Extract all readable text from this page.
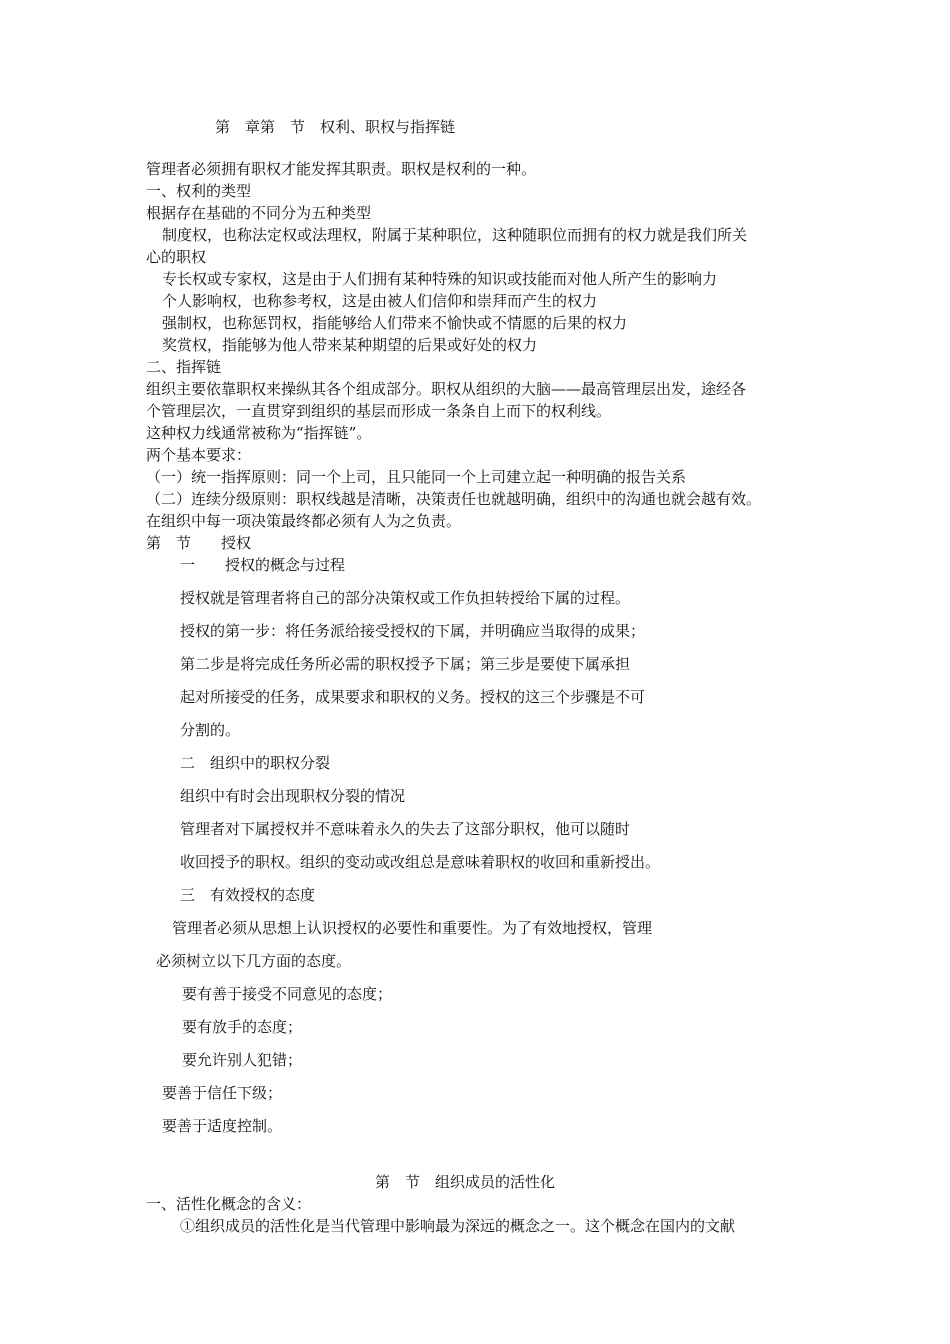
第　章第　节　权利、职权与指挥链
管理者必须拥有职权才能发挥其职责。职权是权利的一种。
一、权利的类型
根据存在基础的不同分为五种类型
制度权，也称法定权或法理权，附属于某种职位，这种随职位而拥有的权力就是我们所关
心的职权
专长权或专家权，这是由于人们拥有某种特殊的知识或技能而对他人所产生的影响力
个人影响权，也称参考权，这是由被人们信仰和崇拜而产生的权力
强制权，也称惩罚权，指能够给人们带来不愉快或不情愿的后果的权力
奖赏权，指能够为他人带来某种期望的后果或好处的权力
二、指挥链
组织主要依靠职权来操纵其各个组成部分。职权从组织的大脑——最高管理层出发，途经各
个管理层次，一直贯穿到组织的基层而形成一条条自上而下的权利线。
这种权力线通常被称为“指挥链”。
两个基本要求：
（一）统一指挥原则：同一个上司，且只能同一个上司建立起一种明确的报告关系
（二）连续分级原则：职权线越是清晰，决策责任也就越明确，组织中的沟通也就会越有效。
在组织中每一项决策最终都必须有人为之负责。
第　节　　授权
一　　授权的概念与过程
授权就是管理者将自己的部分决策权或工作负担转授给下属的过程。
授权的第一步：将任务派给接受授权的下属，并明确应当取得的成果；
第二步是将完成任务所必需的职权授予下属；第三步是要使下属承担
起对所接受的任务，成果要求和职权的义务。授权的这三个步骤是不可
分割的。
二　组织中的职权分裂
组织中有时会出现职权分裂的情况
管理者对下属授权并不意味着永久的失去了这部分职权，他可以随时
收回授予的职权。组织的变动或改组总是意味着职权的收回和重新授出。
三　有效授权的态度
管理者必须从思想上认识授权的必要性和重要性。为了有效地授权，管理
必须树立以下几方面的态度。
要有善于接受不同意见的态度；
要有放手的态度；
要允许别人犯错；
要善于信任下级；
要善于适度控制。
第　节　组织成员的活性化
一、活性化概念的含义：
①组织成员的活性化是当代管理中影响最为深远的概念之一。这个概念在国内的文献
